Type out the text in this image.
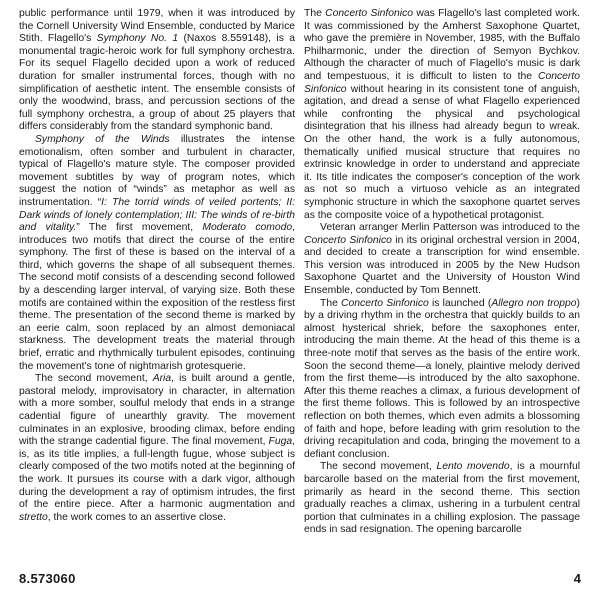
public performance until 1979, when it was introduced by the Cornell University Wind Ensemble, conducted by Marice Stith. Flagello's Symphony No. 1 (Naxos 8.559148), is a monumental tragic-heroic work for full symphony orchestra. For its sequel Flagello decided upon a work of reduced duration for smaller instrumental forces, though with no simplification of aesthetic intent. The ensemble consists of only the woodwind, brass, and percussion sections of the full symphony orchestra, a group of about 25 players that differs considerably from the standard symphonic band.

Symphony of the Winds illustrates the intense emotionalism, often somber and turbulent in character, typical of Flagello's mature style. The composer provided movement subtitles by way of program notes, which suggest the notion of “winds” as metaphor as well as instrumentation. “I: The torrid winds of veiled portents; II: Dark winds of lonely contemplation; III: The winds of re-birth and vitality.” The first movement, Moderato comodo, introduces two motifs that direct the course of the entire symphony. The first of these is based on the interval of a third, which governs the shape of all subsequent themes. The second motif consists of a descending second followed by a descending larger interval, of varying size. Both these motifs are contained within the exposition of the restless first theme. The presentation of the second theme is marked by an eerie calm, soon replaced by an almost demoniacal starkness. The development treats the material through brief, erratic and rhythmically turbulent episodes, continuing the movement's tone of nightmarish grotesquerie.

The second movement, Aria, is built around a gentle, pastoral melody, improvisatory in character, in alternation with a more somber, soulful melody that ends in a strange cadential figure of unearthly gravity. The movement culminates in an explosive, brooding climax, before ending with the strange cadential figure. The final movement, Fuga, is, as its title implies, a full-length fugue, whose subject is clearly composed of the two motifs noted at the beginning of the work. It pursues its course with a dark vigor, although during the development a ray of optimism intrudes, the first of the entire piece. After a harmonic augmentation and stretto, the work comes to an assertive close.

The Concerto Sinfonico was Flagello's last completed work. It was commissioned by the Amherst Saxophone Quartet, who gave the première in November, 1985, with the Buffalo Philharmonic, under the direction of Semyon Bychkov. Although the character of much of Flagello's music is dark and tempestuous, it is difficult to listen to the Concerto Sinfonico without hearing in its consistent tone of anguish, agitation, and dread a sense of what Flagello experienced while confronting the physical and psychological disintegration that his illness had already begun to wreak. On the other hand, the work is a fully autonomous, thematically unified musical structure that requires no extrinsic knowledge in order to understand and appreciate it. Its title indicates the composer's conception of the work as not so much a virtuoso vehicle as an integrated symphonic structure in which the saxophone quartet serves as the composite voice of a hypothetical protagonist.

Veteran arranger Merlin Patterson was introduced to the Concerto Sinfonico in its original orchestral version in 2004, and decided to create a transcription for wind ensemble. This version was introduced in 2005 by the New Hudson Saxophone Quartet and the University of Houston Wind Ensemble, conducted by Tom Bennett.

The Concerto Sinfonico is launched (Allegro non troppo) by a driving rhythm in the orchestra that quickly builds to an almost hysterical shriek, before the saxophones enter, introducing the main theme. At the head of this theme is a three-note motif that serves as the basis of the entire work. Soon the second theme—a lonely, plaintive melody derived from the first theme—is introduced by the alto saxophone. After this theme reaches a climax, a furious development of the first theme follows. This is followed by an introspective reflection on both themes, which even admits a blossoming of faith and hope, before leading with grim resolution to the driving recapitulation and coda, bringing the movement to a defiant conclusion.

The second movement, Lento movendo, is a mournful barcarolle based on the material from the first movement, primarily as heard in the second theme. This section gradually reaches a climax, ushering in a turbulent central portion that culminates in a chilling explosion. The passage ends in sad resignation. The opening barcarolle

8.573060	4
